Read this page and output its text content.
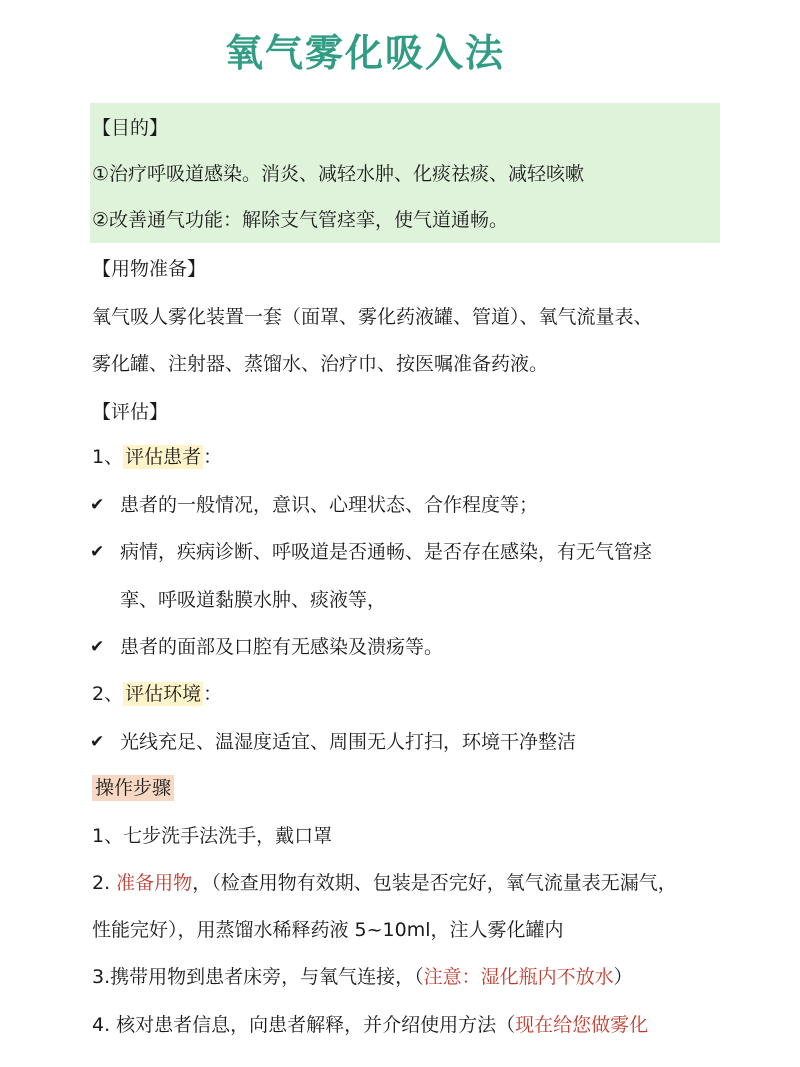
氧气雾化吸入法
【目的】
①治疗呼吸道感染。消炎、减轻水肿、化痰祛痰、减轻咳嗽
②改善通气功能：解除支气管痉挛，使气道通畅。
【用物准备】
氧气吸人雾化装置一套（面罩、雾化药液罐、管道）、氧气流量表、
雾化罐、注射器、蒸馏水、治疗巾、按医嘱准备药液。
【评估】
1、 评估患者 ：
✔ 患者的一般情况，意识、心理状态、合作程度等；
✔ 病情，疾病诊断、呼吸道是否通畅、是否存在感染，有无气管痉
挛、呼吸道黏膜水肿、痰液等，
✔ 患者的面部及口腔有无感染及溃疡等。
2、 评估环境 ：
✔ 光线充足、温湿度适宜、周围无人打扫，环境干净整洁
操作步骤
1、七步洗手法洗手，戴口罩
2. 准备用物，（检查用物有效期、包装是否完好，氧气流量表无漏气，
性能完好），用蒸馏水稀释药液 5~10ml，注人雾化罐内
3.携带用物到患者床旁，与氧气连接，（注意：湿化瓶内不放水）
4. 核对患者信息，向患者解释，并介绍使用方法（现在给您做雾化
